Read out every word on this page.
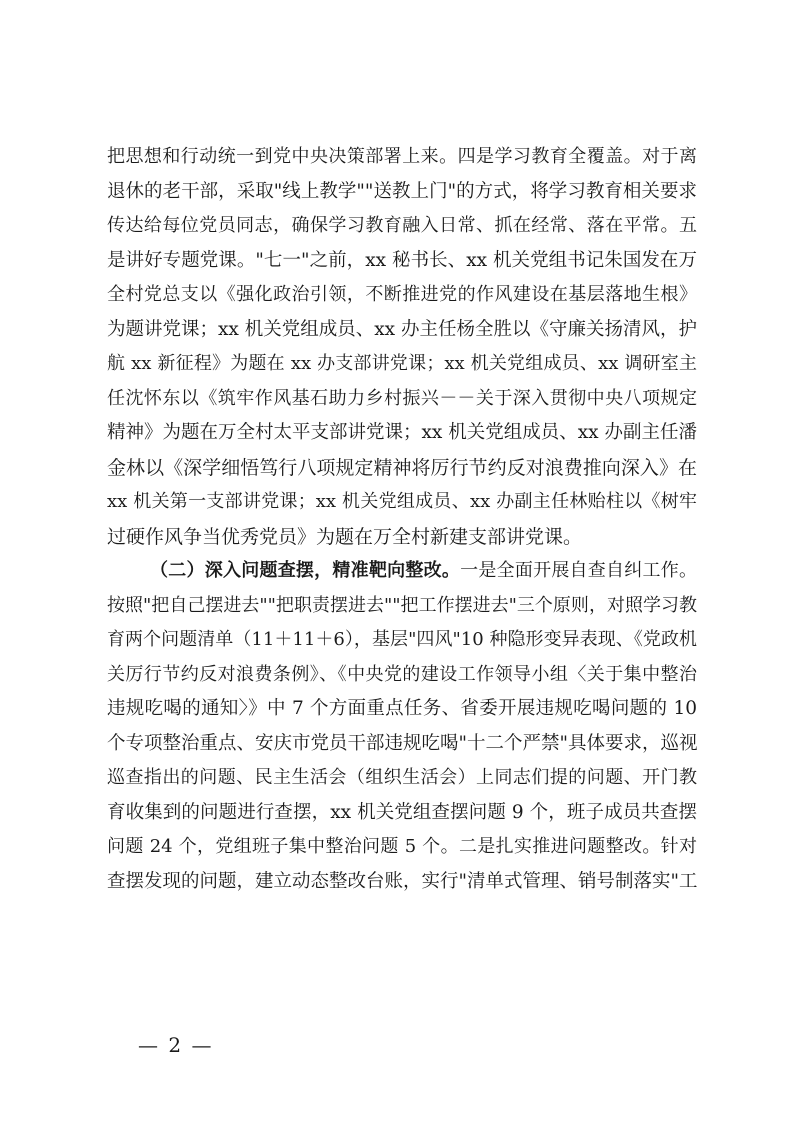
把思想和行动统一到党中央决策部署上来。四是学习教育全覆盖。对于离
退休的老干部，采取"线上教学""送教上门"的方式，将学习教育相关要求
传达给每位党员同志，确保学习教育融入日常、抓在经常、落在平常。五
是讲好专题党课。"七一"之前，xx 秘书长、xx 机关党组书记朱国发在万
全村党总支以《强化政治引领，不断推进党的作风建设在基层落地生根》
为题讲党课；xx 机关党组成员、xx 办主任杨全胜以《守廉关扬清风，护
航 xx 新征程》为题在 xx 办支部讲党课；xx 机关党组成员、xx 调研室主
任沈怀东以《筑牢作风基石助力乡村振兴－－关于深入贯彻中央八项规定
精神》为题在万全村太平支部讲党课；xx 机关党组成员、xx 办副主任潘
金林以《深学细悟笃行八项规定精神将厉行节约反对浪费推向深入》在
xx 机关第一支部讲党课；xx 机关党组成员、xx 办副主任林贻柱以《树牢
过硬作风争当优秀党员》为题在万全村新建支部讲党课。
（二）深入问题查摆，精准靶向整改。一是全面开展自查自纠工作。
按照"把自己摆进去""把职责摆进去""把工作摆进去"三个原则，对照学习教
育两个问题清单（11＋11＋6），基层"四风"10 种隐形变异表现、《党政机
关厉行节约反对浪费条例》、《中央党的建设工作领导小组〈关于集中整治
违规吃喝的通知〉》中 7 个方面重点任务、省委开展违规吃喝问题的 10
个专项整治重点、安庆市党员干部违规吃喝"十二个严禁"具体要求，巡视
巡查指出的问题、民主生活会（组织生活会）上同志们提的问题、开门教
育收集到的问题进行查摆，xx 机关党组查摆问题 9 个，班子成员共查摆
问题 24 个，党组班子集中整治问题 5 个。二是扎实推进问题整改。针对
查摆发现的问题，建立动态整改台账，实行"清单式管理、销号制落实"工
— 2 —
